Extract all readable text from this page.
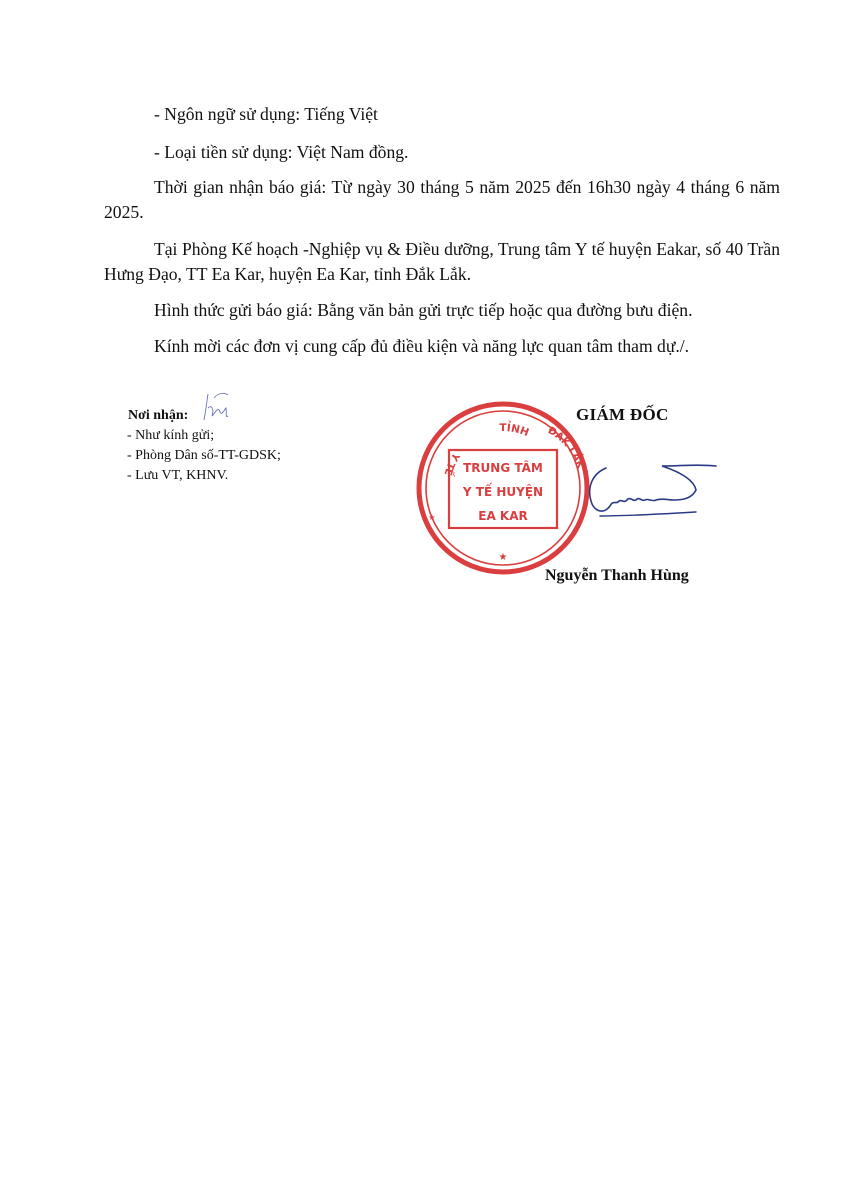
- Ngôn ngữ sử dụng: Tiếng Việt

- Loại tiền sử dụng: Việt Nam đồng.

Thời gian nhận báo giá: Từ ngày 30 tháng 5 năm 2025 đến 16h30 ngày 4 tháng 6 năm 2025.

Tại Phòng Kế hoạch -Nghiệp vụ & Điều dưỡng, Trung tâm Y tế huyện Eakar, số 40 Trần Hưng Đạo, TT Ea Kar, huyện Ea Kar, tỉnh Đắk Lắk.

Hình thức gửi báo giá: Bằng văn bản gửi trực tiếp hoặc qua đường bưu điện.

Kính mời các đơn vị cung cấp đủ điều kiện và năng lực quan tâm tham dự./.

Nơi nhận:
- Như kính gửi;
- Phòng Dân số-TT-GDSK;
- Lưu VT, KHNV.
GIÁM ĐỐC
TỈNH ĐẮK LẮK
Y TẾ TRUNG TÂM
Y TẾ HUYỆN
EA KAR
★
★
Nguyễn Thanh Hùng
